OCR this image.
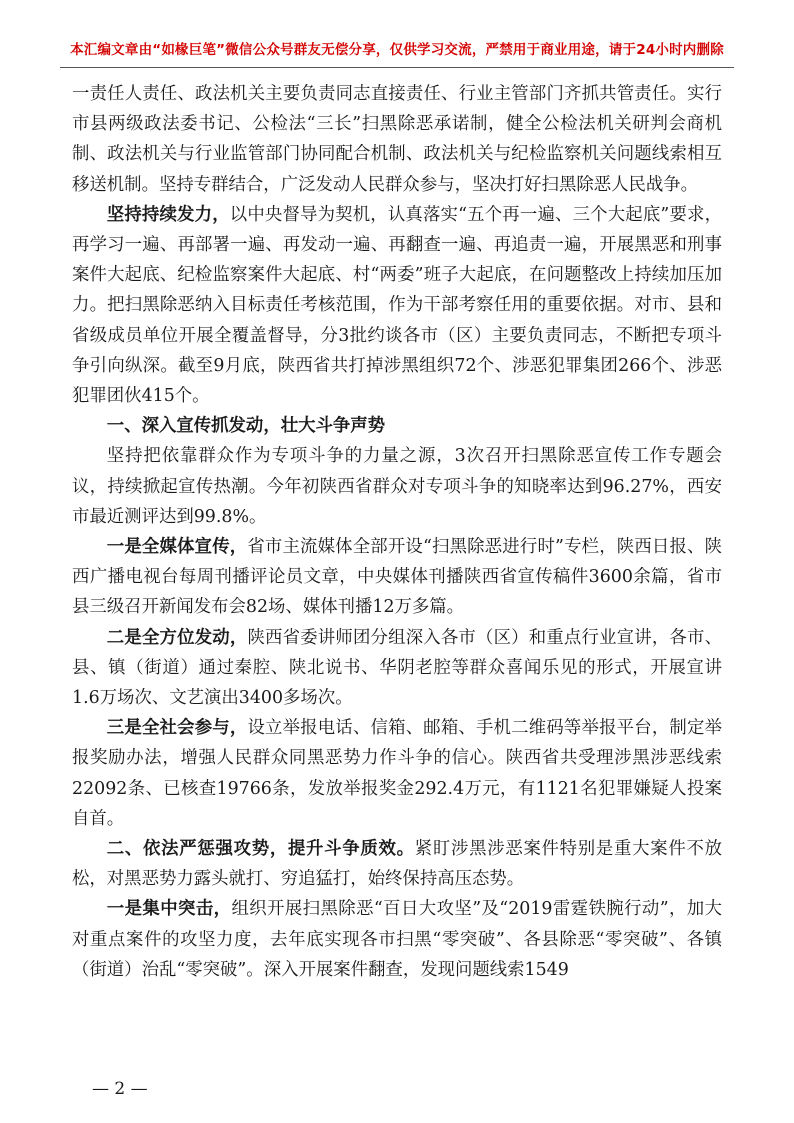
本汇编文章由“如椽巨笔”微信公众号群友无偿分享，仅供学习交流，严禁用于商业用途，请于24小时内删除

一责任人责任、政法机关主要负责同志直接责任、行业主管部门齐抓共管责任。实行市县两级政法委书记、公检法“三长”扫黑除恶承诺制，健全公检法机关研判会商机制、政法机关与行业监管部门协同配合机制、政法机关与纪检监察机关问题线索相互移送机制。坚持专群结合，广泛发动人民群众参与，坚决打好扫黑除恶人民战争。

坚持持续发力，以中央督导为契机，认真落实“五个再一遍、三个大起底”要求，再学习一遍、再部署一遍、再发动一遍、再翻查一遍、再追责一遍，开展黑恶和刑事案件大起底、纪检监察案件大起底、村“两委”班子大起底，在问题整改上持续加压加力。把扫黑除恶纳入目标责任考核范围，作为干部考察任用的重要依据。对市、县和省级成员单位开展全覆盖督导，分3批约谈各市（区）主要负责同志，不断把专项斗争引向纵深。截至9月底，陕西省共打掉涉黑组织72个、涉恶犯罪集团266个、涉恶犯罪团伙415个。

一、深入宣传抓发动，壮大斗争声势

坚持把依靠群众作为专项斗争的力量之源，3次召开扫黑除恶宣传工作专题会议，持续掀起宣传热潮。今年初陕西省群众对专项斗争的知晓率达到96.27%，西安市最近测评达到99.8%。

一是全媒体宣传，省市主流媒体全部开设“扫黑除恶进行时”专栏，陕西日报、陕西广播电视台每周刊播评论员文章，中央媒体刊播陕西省宣传稿件3600余篇，省市县三级召开新闻发布会82场、媒体刊播12万多篇。

二是全方位发动，陕西省委讲师团分组深入各市（区）和重点行业宣讲，各市、县、镇（街道）通过秦腔、陕北说书、华阴老腔等群众喜闻乐见的形式，开展宣讲1.6万场次、文艺演出3400多场次。

三是全社会参与，设立举报电话、信箱、邮箱、手机二维码等举报平台，制定举报奖励办法，增强人民群众同黑恶势力作斗争的信心。陕西省共受理涉黑涉恶线索22092条、已核查19766条，发放举报奖金292.4万元，有1121名犯罪嫌疑人投案自首。

二、依法严惩强攻势，提升斗争质效。紧盯涉黑涉恶案件特别是重大案件不放松，对黑恶势力露头就打、穷追猛打，始终保持高压态势。

一是集中突击，组织开展扫黑除恶“百日大攻坚”及“2019雷霆铁腕行动”，加大对重点案件的攻坚力度，去年底实现各市扫黑“零突破”、各县除恶“零突破”、各镇（街道）治乱“零突破”。深入开展案件翻查，发现问题线索1549

— 2 —
